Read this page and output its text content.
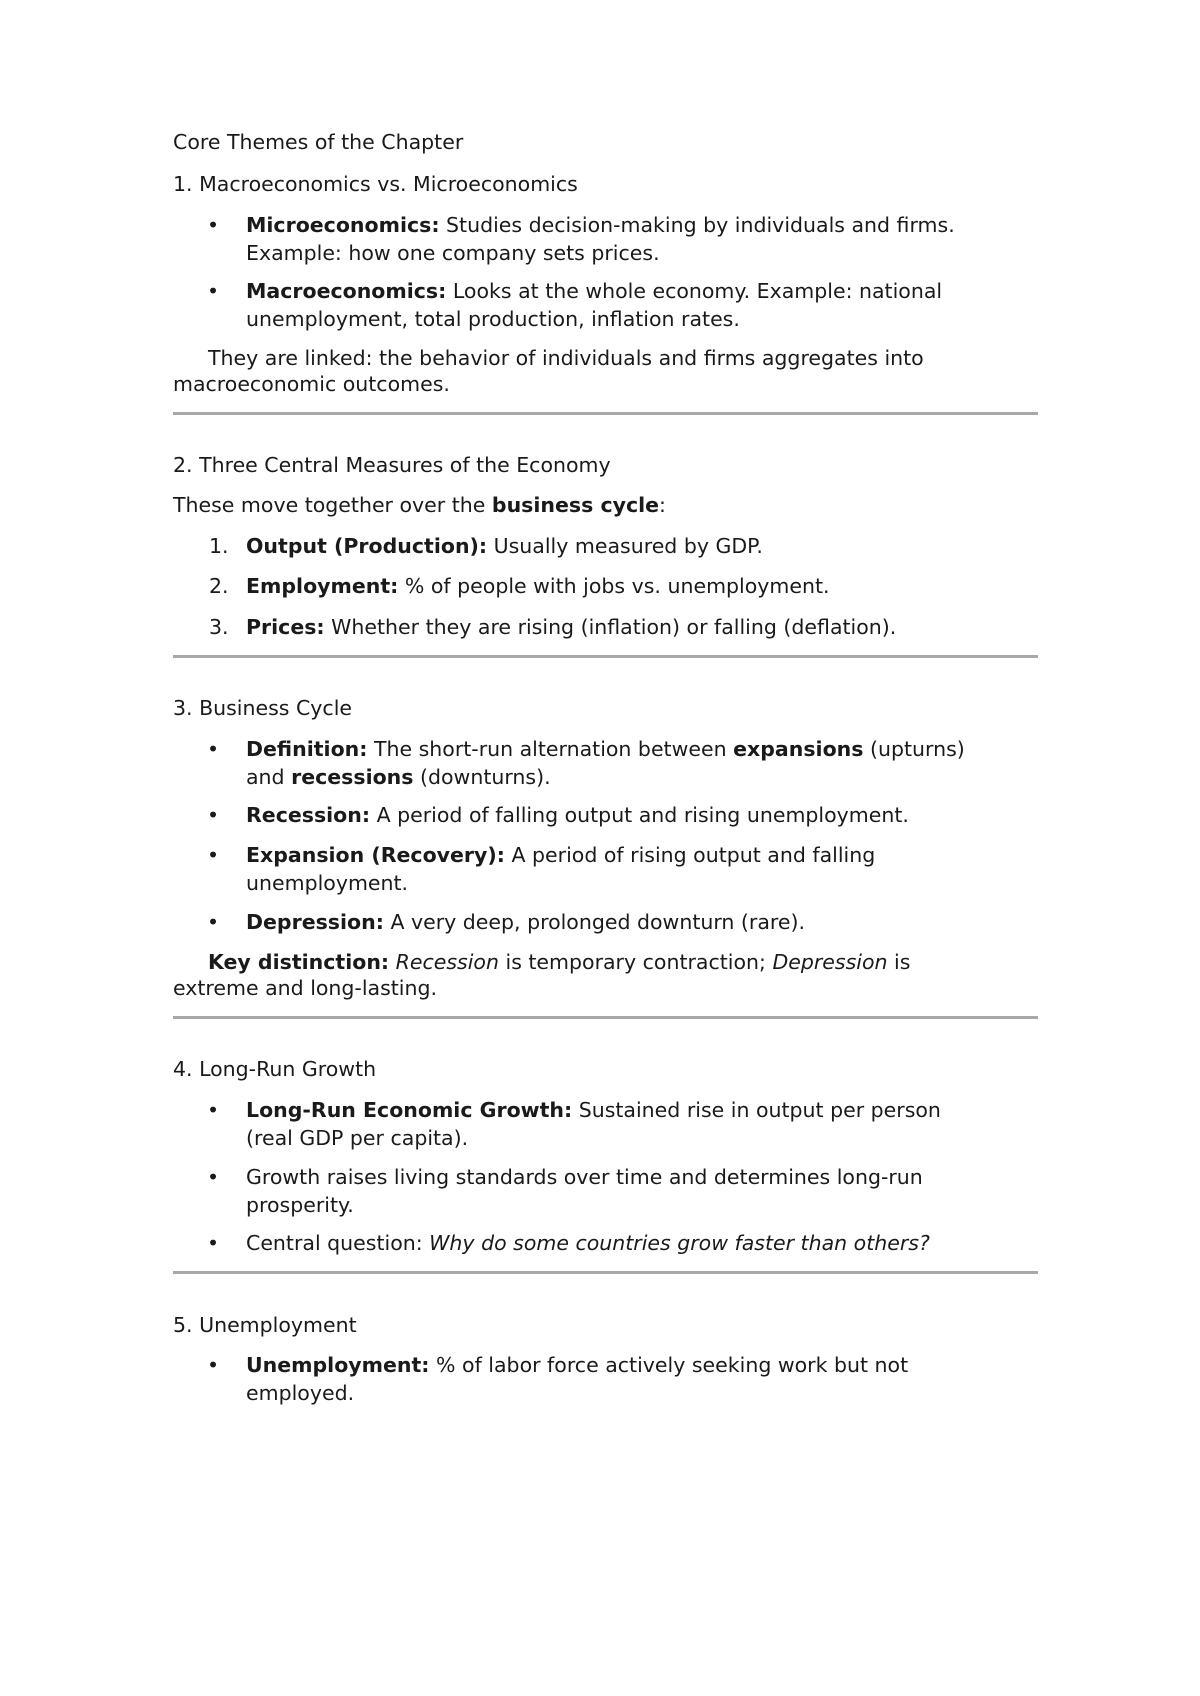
Core Themes of the Chapter
1. Macroeconomics vs. Microeconomics
• Microeconomics: Studies decision-making by individuals and firms.
Example: how one company sets prices.
• Macroeconomics: Looks at the whole economy. Example: national
unemployment, total production, inflation rates.
They are linked: the behavior of individuals and firms aggregates into
macroeconomic outcomes.
2. Three Central Measures of the Economy
These move together over the business cycle:
1. Output (Production): Usually measured by GDP.
2. Employment: % of people with jobs vs. unemployment.
3. Prices: Whether they are rising (inflation) or falling (deflation).
3. Business Cycle
• Definition: The short-run alternation between expansions (upturns)
and recessions (downturns).
• Recession: A period of falling output and rising unemployment.
• Expansion (Recovery): A period of rising output and falling
unemployment.
• Depression: A very deep, prolonged downturn (rare).
Key distinction: Recession is temporary contraction; Depression is
extreme and long-lasting.
4. Long-Run Growth
• Long-Run Economic Growth: Sustained rise in output per person
(real GDP per capita).
• Growth raises living standards over time and determines long-run
prosperity.
• Central question: Why do some countries grow faster than others?
5. Unemployment
• Unemployment: % of labor force actively seeking work but not
employed.
